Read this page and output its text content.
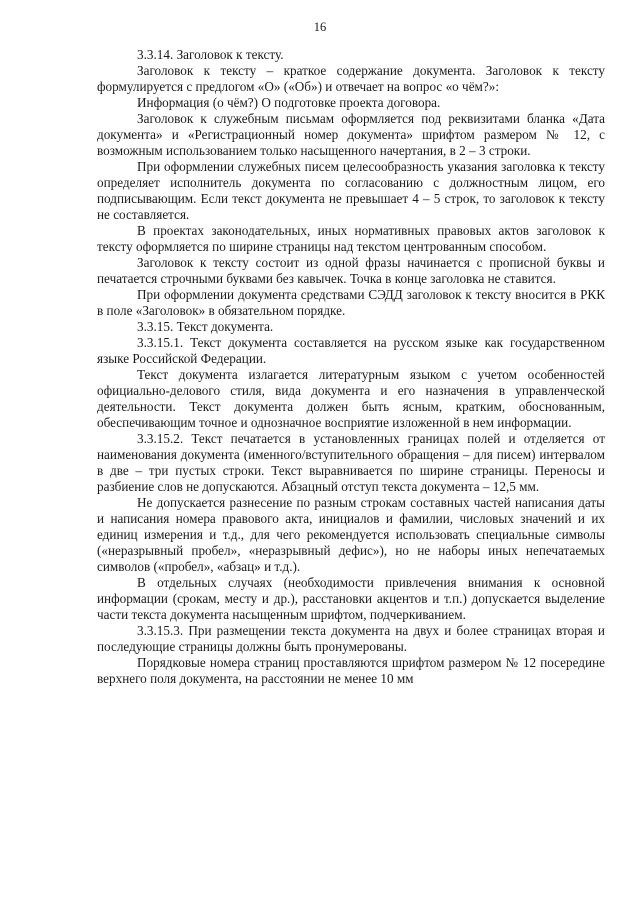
16

3.3.14. Заголовок к тексту.

Заголовок к тексту – краткое содержание документа. Заголовок к тексту формулируется с предлогом «О» («Об») и отвечает на вопрос «о чём?»:

Информация (о чём?) О подготовке проекта договора.

Заголовок к служебным письмам оформляется под реквизитами бланка «Дата документа» и «Регистрационный номер документа» шрифтом размером № 12, с возможным использованием только насыщенного начертания, в 2 – 3 строки.

При оформлении служебных писем целесообразность указания заголовка к тексту определяет исполнитель документа по согласованию с должностным лицом, его подписывающим. Если текст документа не превышает 4 – 5 строк, то заголовок к тексту не составляется.

В проектах законодательных, иных нормативных правовых актов заголовок к тексту оформляется по ширине страницы над текстом центрованным способом.

Заголовок к тексту состоит из одной фразы начинается с прописной буквы и печатается строчными буквами без кавычек. Точка в конце заголовка не ставится.

При оформлении документа средствами СЭДД заголовок к тексту вносится в РКК в поле «Заголовок» в обязательном порядке.

3.3.15. Текст документа.

3.3.15.1. Текст документа составляется на русском языке как государственном языке Российской Федерации.

Текст документа излагается литературным языком с учетом особенностей официально-делового стиля, вида документа и его назначения в управленческой деятельности. Текст документа должен быть ясным, кратким, обоснованным, обеспечивающим точное и однозначное восприятие изложенной в нем информации.

3.3.15.2. Текст печатается в установленных границах полей и отделяется от наименования документа (именного/вступительного обращения – для писем) интервалом в две – три пустых строки. Текст выравнивается по ширине страницы. Переносы и разбиение слов не допускаются. Абзацный отступ текста документа – 12,5 мм.

Не допускается разнесение по разным строкам составных частей написания даты и написания номера правового акта, инициалов и фамилии, числовых значений и их единиц измерения и т.д., для чего рекомендуется использовать специальные символы («неразрывный пробел», «неразрывный дефис»), но не наборы иных непечатаемых символов («пробел», «абзац» и т.д.).

В отдельных случаях (необходимости привлечения внимания к основной информации (срокам, месту и др.), расстановки акцентов и т.п.) допускается выделение части текста документа насыщенным шрифтом, подчеркиванием.

3.3.15.3. При размещении текста документа на двух и более страницах вторая и последующие страницы должны быть пронумерованы.

Порядковые номера страниц проставляются шрифтом размером № 12 посередине верхнего поля документа, на расстоянии не менее 10 мм
